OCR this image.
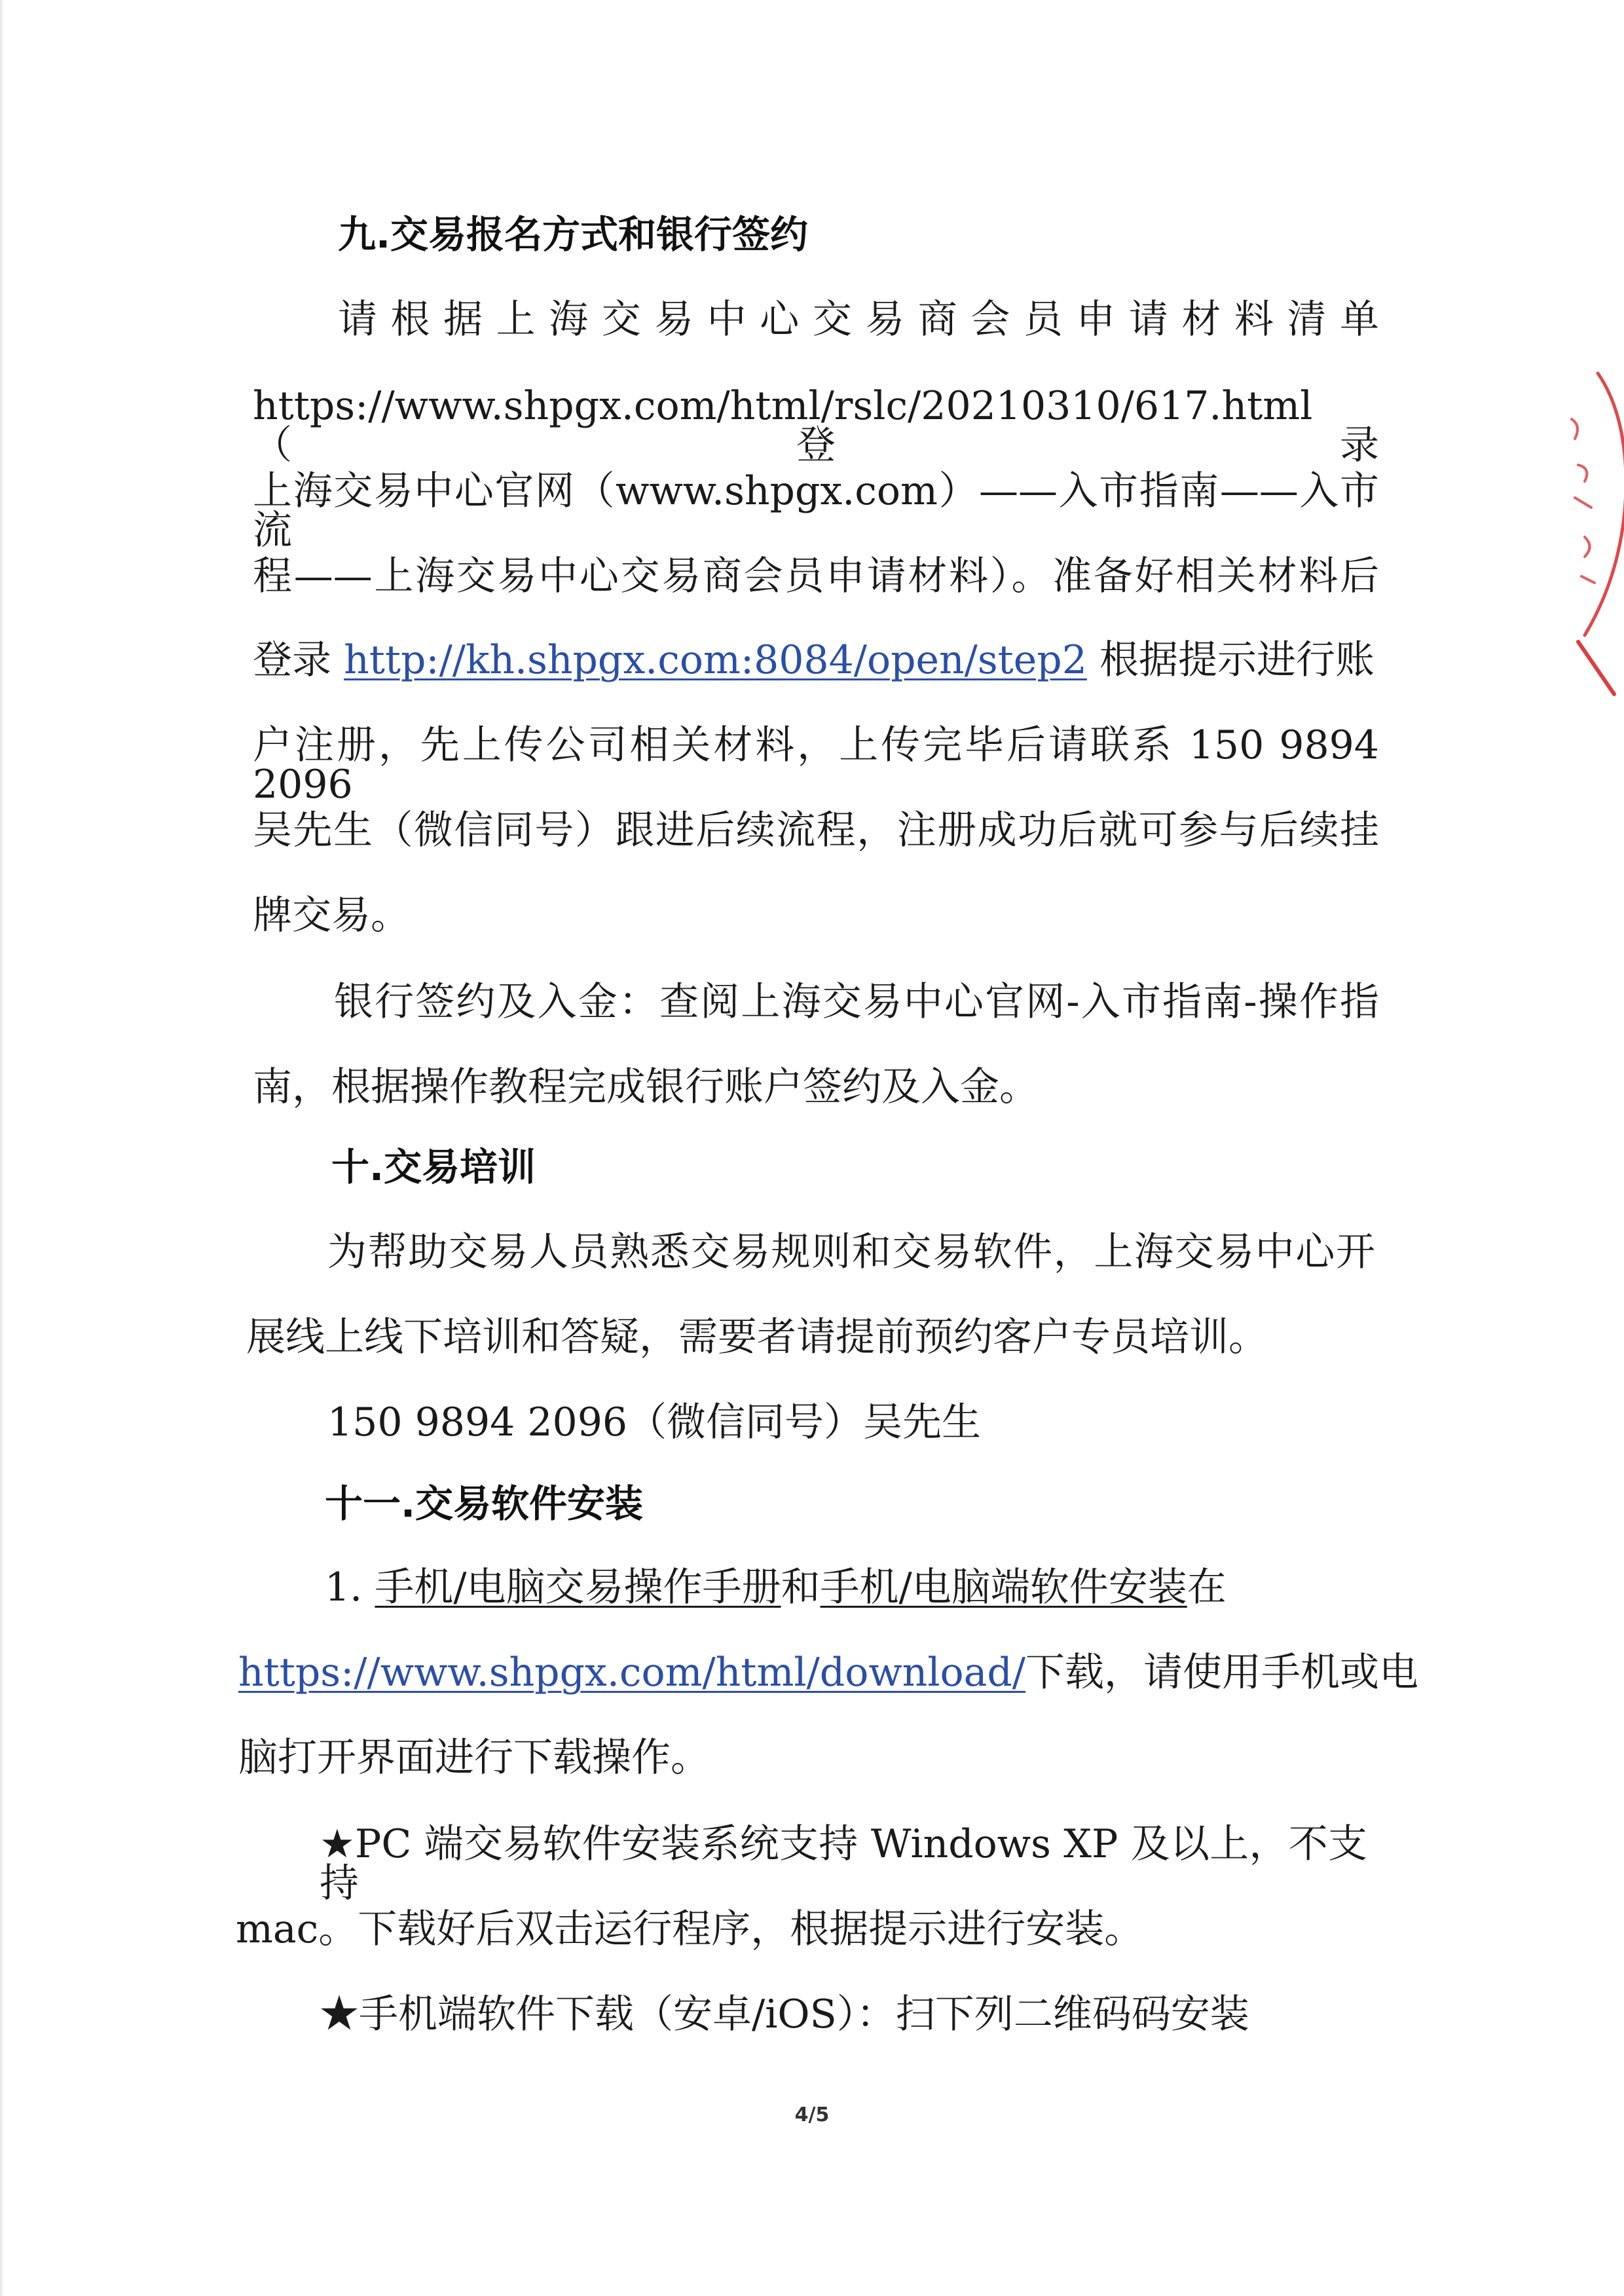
九.交易报名方式和银行签约
请根据上海交易中心交易商会员申请材料清单
https://www.shpgx.com/html/rslc/20210310/617.html（登录
上海交易中心官网（www.shpgx.com）——入市指南——入市流
程——上海交易中心交易商会员申请材料）。准备好相关材料后
登录 http://kh.shpgx.com:8084/open/step2 根据提示进行账
户注册，先上传公司相关材料，上传完毕后请联系 150 9894 2096
吴先生（微信同号）跟进后续流程，注册成功后就可参与后续挂
牌交易。
银行签约及入金：查阅上海交易中心官网-入市指南-操作指
南，根据操作教程完成银行账户签约及入金。
十.交易培训
为帮助交易人员熟悉交易规则和交易软件，上海交易中心开
展线上线下培训和答疑，需要者请提前预约客户专员培训。
150 9894 2096（微信同号）吴先生
十一.交易软件安装
1. 手机/电脑交易操作手册和手机/电脑端软件安装在
https://www.shpgx.com/html/download/下载，请使用手机或电
脑打开界面进行下载操作。
★PC 端交易软件安装系统支持 Windows XP 及以上，不支持
mac。下载好后双击运行程序，根据提示进行安装。
★手机端软件下载（安卓/iOS）：扫下列二维码码安装
4/5
